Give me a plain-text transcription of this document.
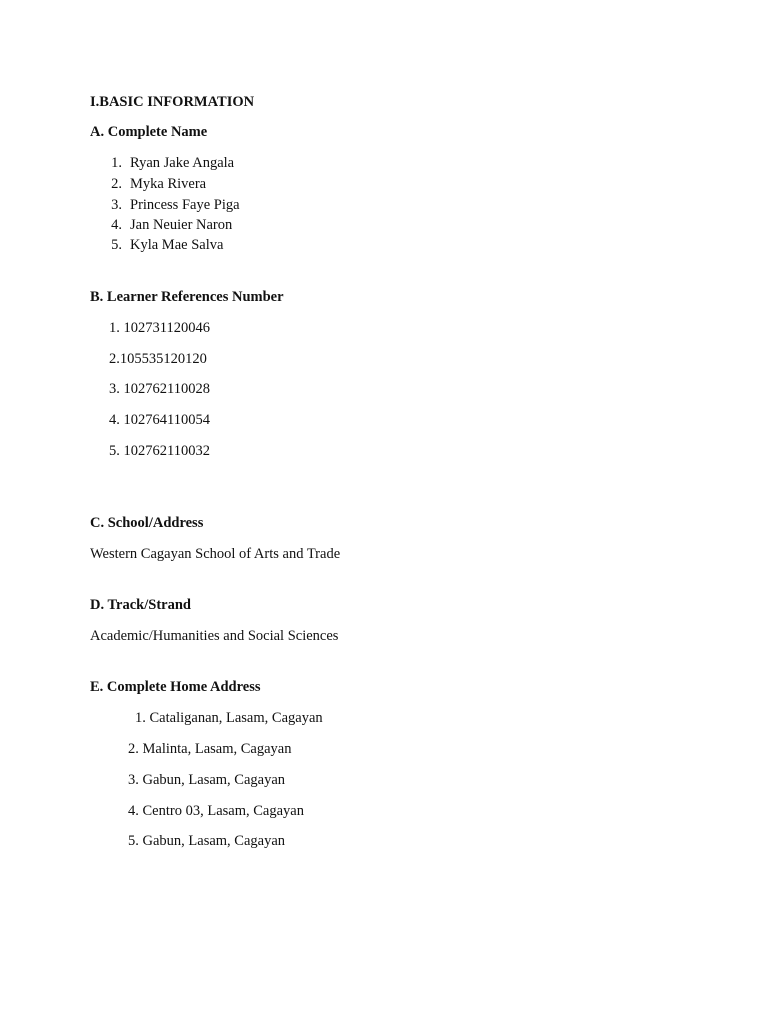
I.BASIC INFORMATION
A. Complete Name
1. Ryan Jake Angala
2. Myka Rivera
3. Princess Faye Piga
4. Jan Neuier Naron
5. Kyla Mae Salva
B. Learner References Number
1. 102731120046
2.105535120120
3. 102762110028
4. 102764110054
5. 102762110032
C. School/Address
Western Cagayan School of Arts and Trade
D. Track/Strand
Academic/Humanities and Social Sciences
E. Complete Home Address
1. Cataliganan, Lasam, Cagayan
2. Malinta, Lasam, Cagayan
3. Gabun, Lasam, Cagayan
4. Centro 03, Lasam, Cagayan
5. Gabun, Lasam, Cagayan
